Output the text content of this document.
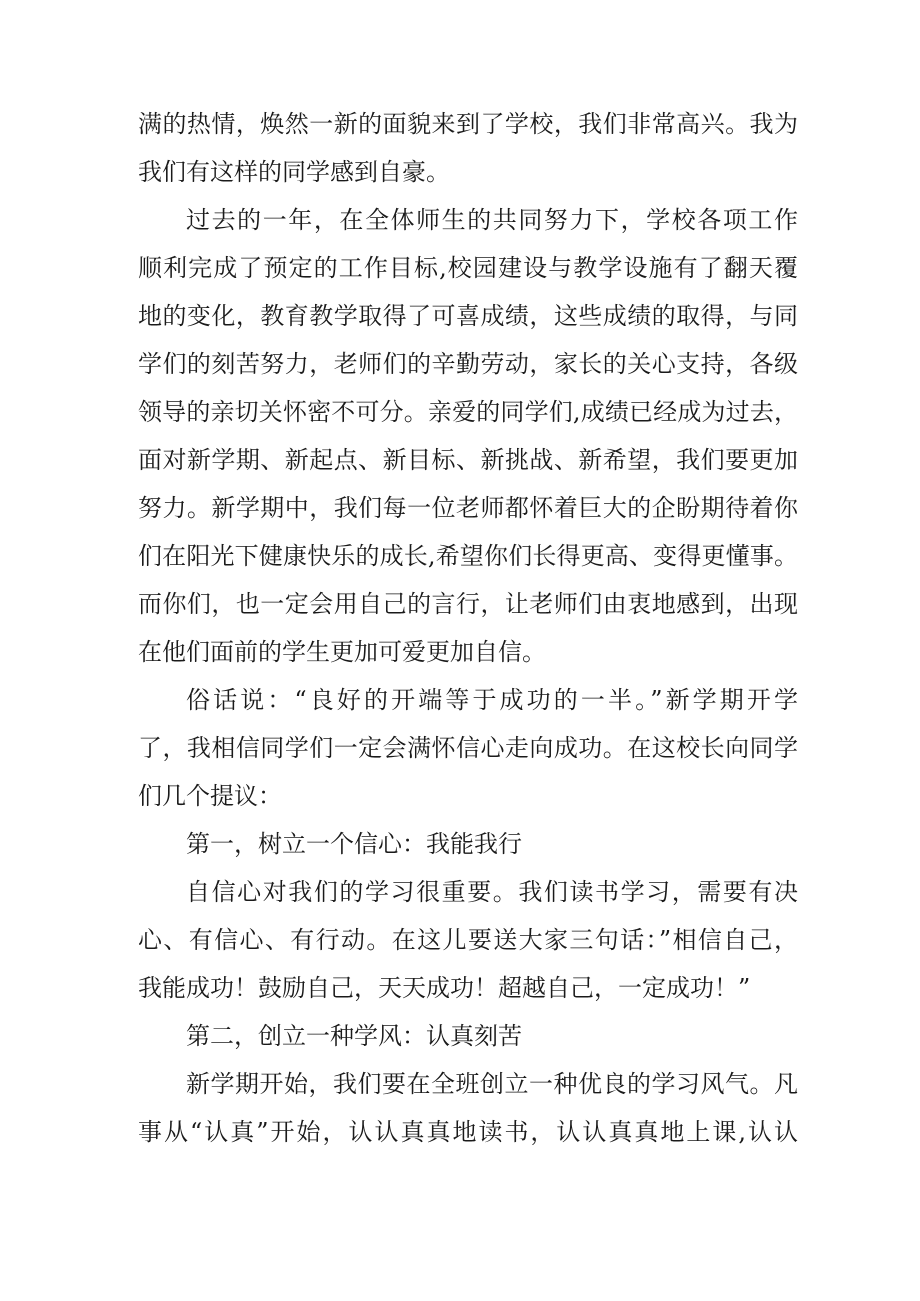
满的热情，焕然一新的面貌来到了学校，我们非常高兴。我为
我们有这样的同学感到自豪。
过去的一年，在全体师生的共同努力下，学校各项工作
顺利完成了预定的工作目标,校园建设与教学设施有了翻天覆
地的变化，教育教学取得了可喜成绩，这些成绩的取得，与同
学们的刻苦努力，老师们的辛勤劳动，家长的关心支持，各级
领导的亲切关怀密不可分。亲爱的同学们,成绩已经成为过去，
面对新学期、新起点、新目标、新挑战、新希望，我们要更加
努力。新学期中，我们每一位老师都怀着巨大的企盼期待着你
们在阳光下健康快乐的成长,希望你们长得更高、变得更懂事。
而你们，也一定会用自己的言行，让老师们由衷地感到，出现
在他们面前的学生更加可爱更加自信。
俗话说：“良好的开端等于成功的一半。”新学期开学
了，我相信同学们一定会满怀信心走向成功。在这校长向同学
们几个提议：
第一，树立一个信心：我能我行
自信心对我们的学习很重要。我们读书学习，需要有决
心、有信心、有行动。在这儿要送大家三句话：”相信自己，
我能成功！鼓励自己，天天成功！超越自己，一定成功！”
第二，创立一种学风：认真刻苦
新学期开始，我们要在全班创立一种优良的学习风气。凡
事从“认真”开始，认认真真地读书，认认真真地上课,认认
